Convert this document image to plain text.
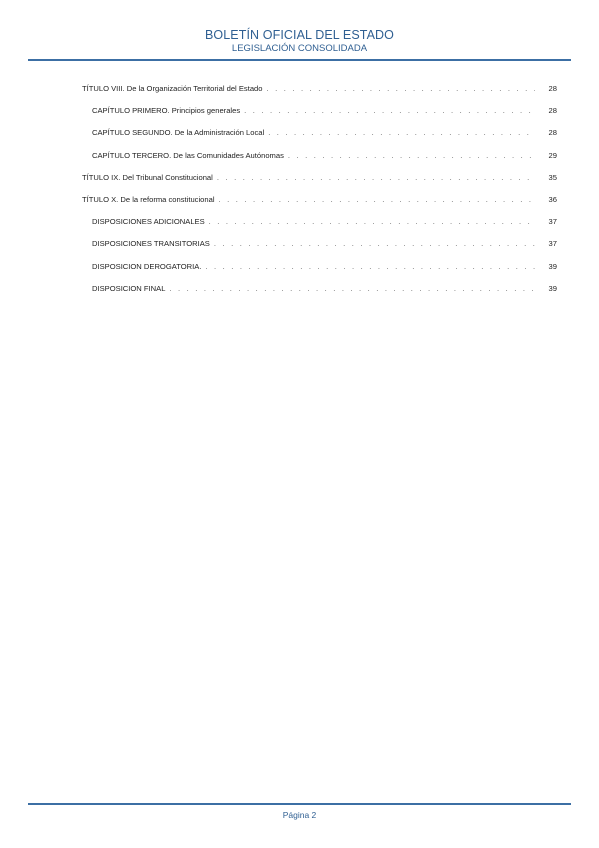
BOLETÍN OFICIAL DEL ESTADO
LEGISLACIÓN CONSOLIDADA
TÍTULO VIII. De la Organización Territorial del Estado . . .	28
CAPÍTULO PRIMERO. Principios generales . . .	28
CAPÍTULO SEGUNDO. De la Administración Local . . .	28
CAPÍTULO TERCERO. De las Comunidades Autónomas . . .	29
TÍTULO IX. Del Tribunal Constitucional . . .	35
TÍTULO X. De la reforma constitucional . . .	36
DISPOSICIONES ADICIONALES . . .	37
DISPOSICIONES TRANSITORIAS . . .	37
DISPOSICION DEROGATORIA. . . .	39
DISPOSICION FINAL . . .	39
Página 2
